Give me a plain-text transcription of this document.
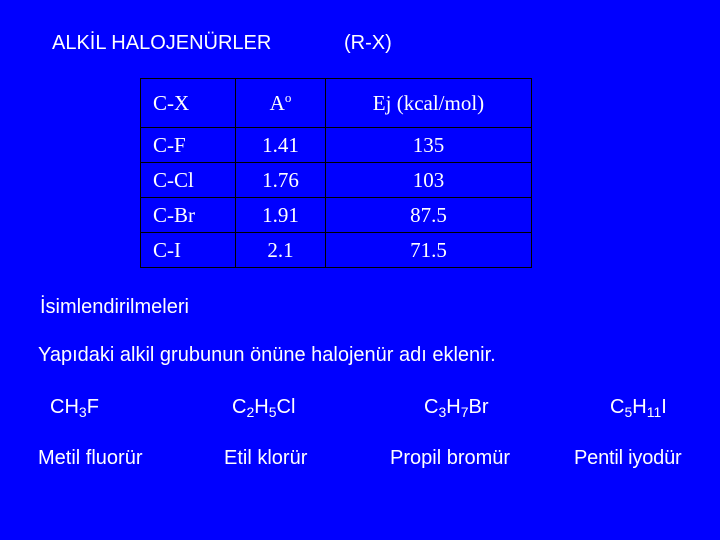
ALKİL HALOJENÜRLER	(R-X)
C-X	$A^o$	Ej (kcal/mol)
C-F	1.41	135
C-Cl	1.76	103
C-Br	1.91	87.5
C-I	2.1	71.5
İsimlendirilmeleri
Yapıdaki alkil grubunun önüne halojenür adı eklenir.
$CH_3F$	$C_2H_5Cl$	$C_3H_7Br$	$C_5H_{11}I$
Metil fluorür	Etil klorür	Propil bromür	Pentil iyodür
